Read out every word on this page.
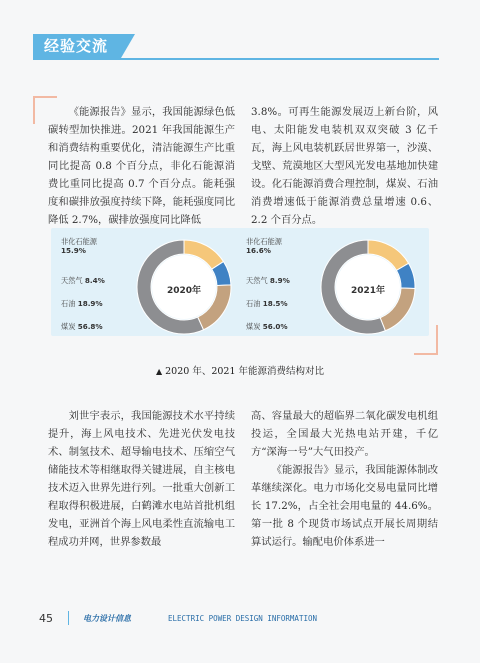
经验交流

《能源报告》显示，我国能源绿色低碳转型加快推进。2021 年我国能源生产和消费结构重要优化，清洁能源生产比重同比提高 0.8 个百分点，非化石能源消费比重同比提高 0.7 个百分点。能耗强度和碳排放强度持续下降，能耗强度同比降低 2.7%，碳排放强度同比降低

3.8%。可再生能源发展迈上新台阶，风电、太阳能发电装机双双突破 3 亿千瓦，海上风电装机跃居世界第一，沙漠、戈壁、荒漠地区大型风光发电基地加快建设。化石能源消费合理控制，煤炭、石油消费增速低于能源消费总量增速 0.6、2.2 个百分点。

非化石能源
15.9%
天然气 8.4%
石油 18.9%
煤炭 56.8%
2020年
非化石能源
16.6%
天然气 8.9%
石油 18.5%
煤炭 56.0%
2021年
▲ 2020 年、2021 年能源消费结构对比

刘世宇表示，我国能源技术水平持续提升，海上风电技术、先进光伏发电技术、制氢技术、超导输电技术、压缩空气储能技术等相继取得关键进展，自主核电技术迈入世界先进行列。一批重大创新工程取得积极进展，白鹤滩水电站首批机组发电，亚洲首个海上风电柔性直流输电工程成功并网，世界参数最

高、容量最大的超临界二氧化碳发电机组投运，全国最大光热电站开建，千亿方“深海一号”大气田投产。

《能源报告》显示，我国能源体制改革继续深化。电力市场化交易电量同比增长 17.2%，占全社会用电量的 44.6%。第一批 8 个现货市场试点开展长周期结算试运行。输配电价体系进一

45	电力设计信息	ELECTRIC POWER DESIGN INFORMATION
